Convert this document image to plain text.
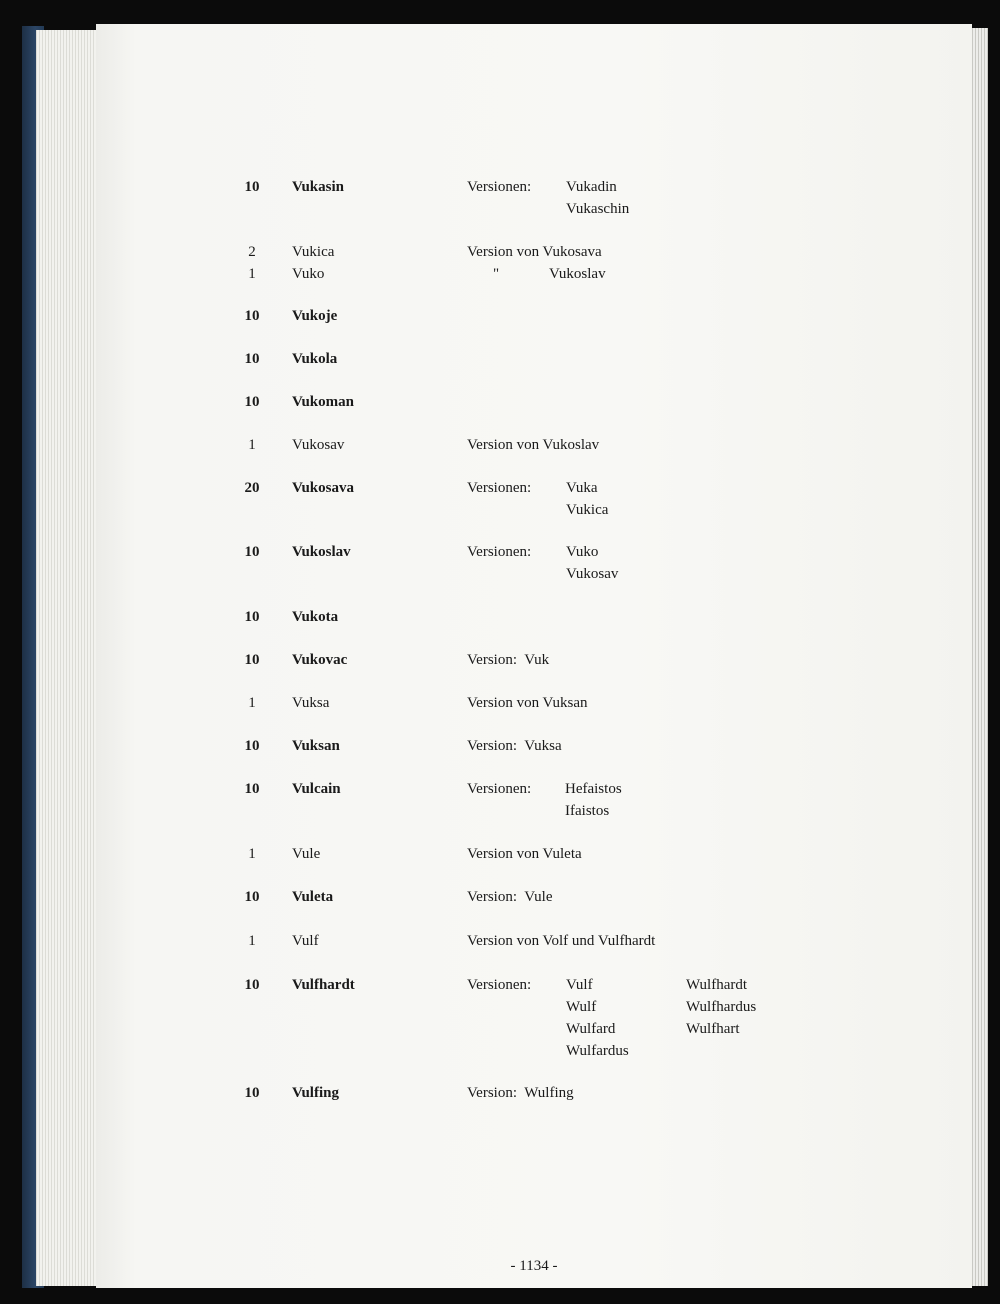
10	Vukasin	Versionen: Vukadin
Vukaschin
2	Vukica	Version von Vukosava
1	Vuko	"	Vukoslav
10	Vukoje
10	Vukola
10	Vukoman
1	Vukosav	Version von Vukoslav
20	Vukosava	Versionen: Vuka
Vukica
10	Vukoslav	Versionen: Vuko
Vukosav
10	Vukota
10	Vukovac	Version:  Vuk
1	Vuksa	Version von Vuksan
10	Vuksan	Version:  Vuksa
10	Vulcain	Versionen: Hefaistos
Ifaistos
1	Vule	Version von Vuleta
10	Vuleta	Version:  Vule
1	Vulf	Version von Volf und Vulfhardt
10	Vulfhardt	Versionen: Vulf	Wulfhardt
Wulf	Wulfhardus
Wulfard	Wulfhart
Wulfardus
10	Vulfing	Version:  Wulfing
- 1134 -
